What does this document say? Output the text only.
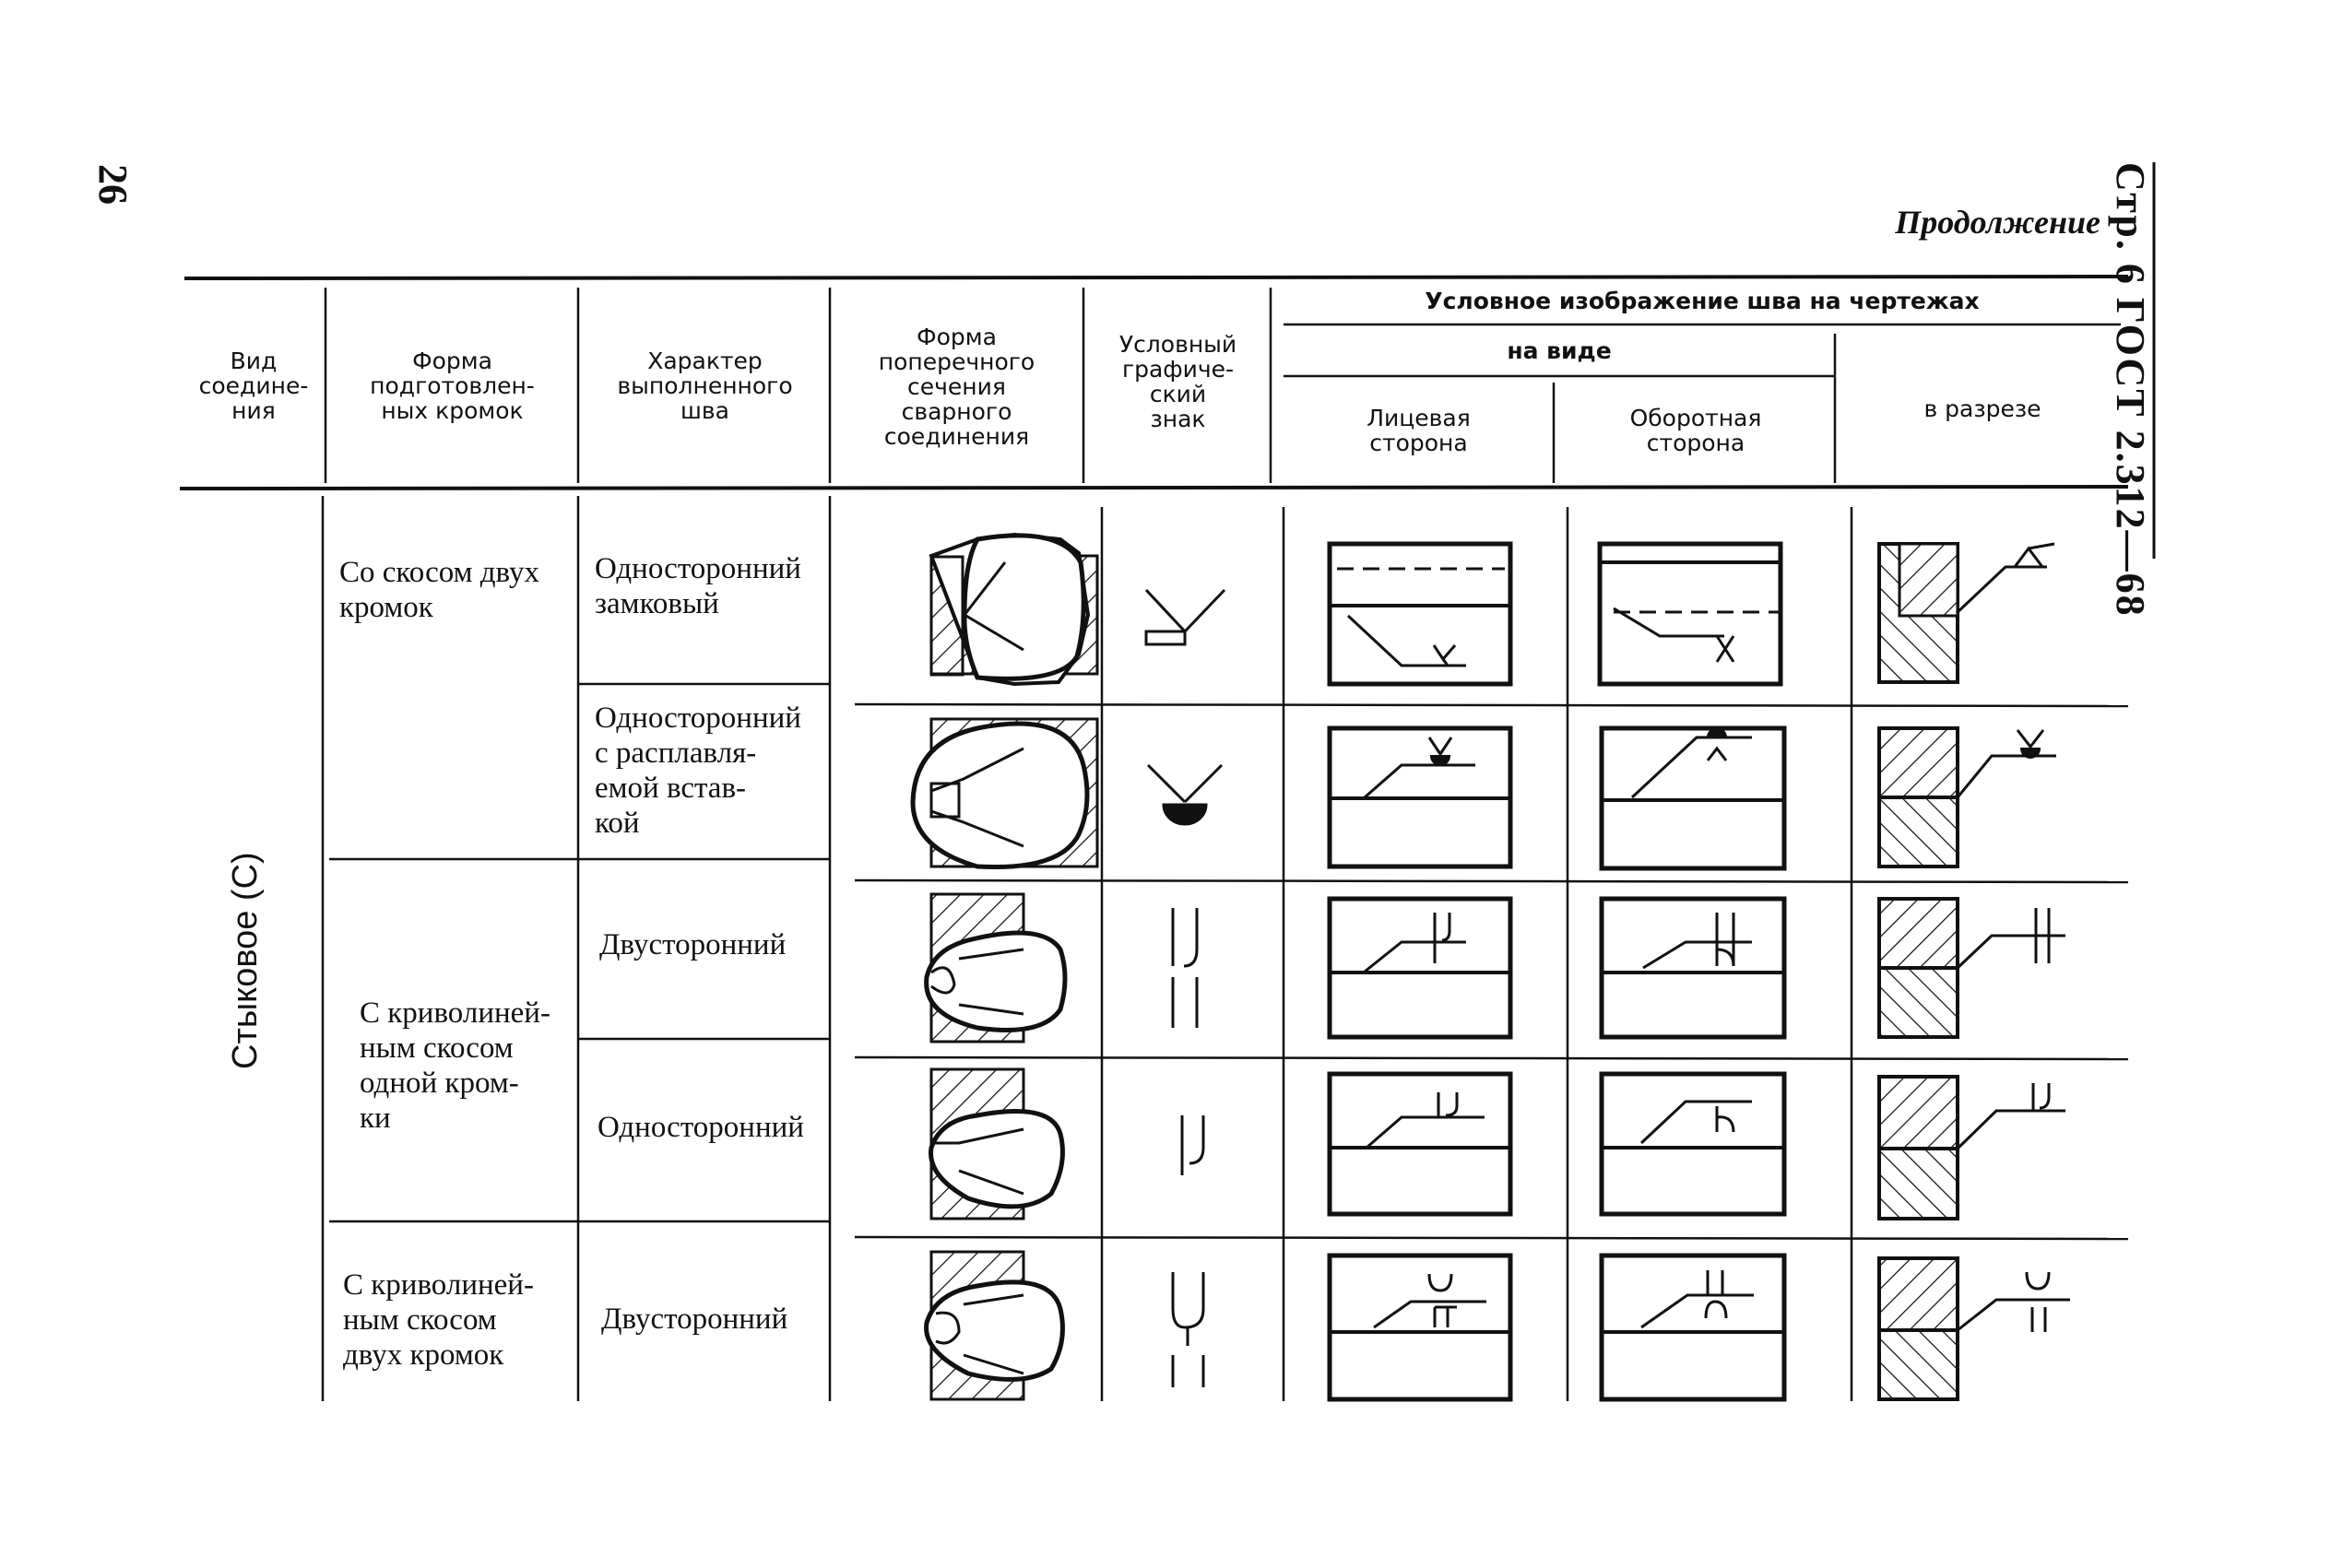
26	Стр. 6 ГОСТ 2.312—68
Продолжение
Вид
соедине-
ния
Форма
подготовлен-
ных кромок
Характер
выполненного
шва
Форма
поперечного
сечения
сварного
соединения
Условный
графиче-
ский
знак
Условное изображение шва на чертежах
на виде
Лицевая
сторона
Оборотная
сторона
в разрезе
Стыковое (С)
Со скосом двух
кромок
С криволиней-
ным скосом
одной кром-
ки
С криволиней-
ным скосом
двух кромок
Односторонний
замковый
Односторонний
с расплавля-
емой встав-
кой
Двусторонний
Односторонний
Двусторонний
